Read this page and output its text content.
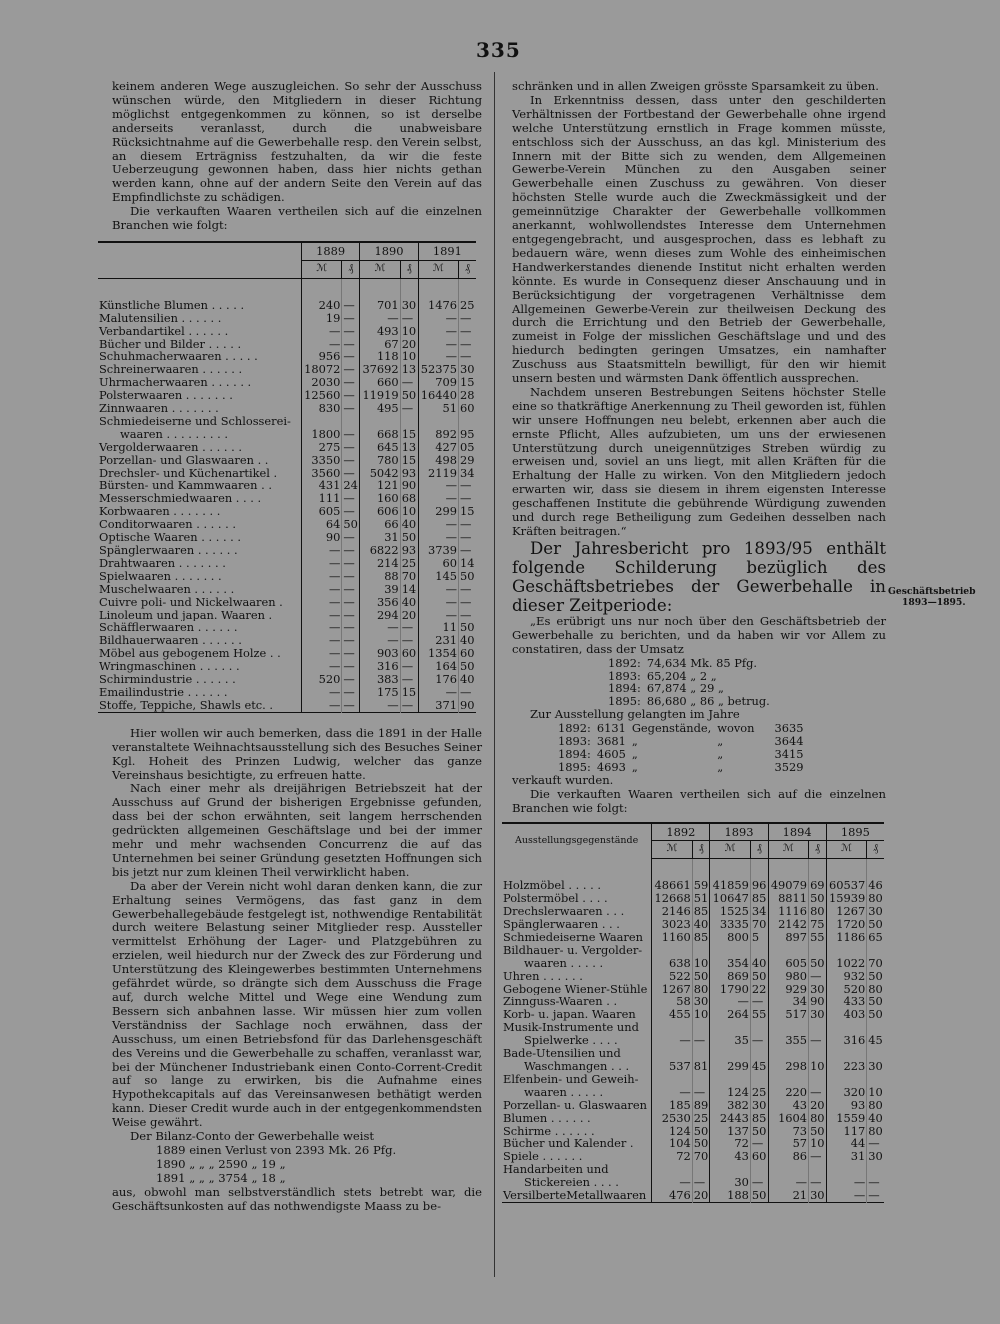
335
Geschäftsbetrieb
1893—1895.

keinem anderen Wege auszugleichen. So sehr der Ausschuss wünschen würde, den Mitgliedern in dieser Richtung möglichst entgegenkommen zu können, so ist derselbe anderseits veranlasst, durch die unabweisbare Rücksichtnahme auf die Gewerbehalle resp. den Verein selbst, an diesem Erträgniss festzuhalten, da wir die feste Ueberzeugung gewonnen haben, dass hier nichts gethan werden kann, ohne auf der andern Seite den Verein auf das Empfindlichste zu schädigen.

Die verkauften Waaren vertheilen sich auf die einzelnen Branchen wie folgt:

	1889		1890		1891	
	ℳ	₰	ℳ	₰	ℳ	₰

Künstliche Blumen . . . . .	240	—	701	30	1476	25
Malutensilien . . . . . .	19	—	—	—	—	—
Verbandartikel . . . . . .	—	—	493	10	—	—
Bücher und Bilder . . . . .	—	—	67	20	—	—
Schuhmacherwaaren . . . . .	956	—	118	10	—	—
Schreinerwaaren . . . . . .	18072	—	37692	13	52375	30
Uhrmacherwaaren . . . . . .	2030	—	660	—	709	15
Polsterwaaren . . . . . . .	12560	—	11919	50	16440	28
Zinnwaaren . . . . . . .	830	—	495	—	51	60
Schmiedeiserne und Schlosserei-						
waaren . . . . . . . . .	1800	—	668	15	892	95
Vergolderwaaren . . . . . .	275	—	645	13	427	05
Porzellan- und Glaswaaren . .	3350	—	780	15	498	29
Drechsler- und Küchenartikel .	3560	—	5042	93	2119	34
Bürsten- und Kammwaaren . .	431	24	121	90	—	—
Messerschmiedwaaren . . . .	111	—	160	68	—	—
Korbwaaren . . . . . . .	605	—	606	10	299	15
Conditorwaaren . . . . . .	64	50	66	40	—	—
Optische Waaren . . . . . .	90	—	31	50	—	—
Spänglerwaaren . . . . . .	—	—	6822	93	3739	—
Drahtwaaren . . . . . . .	—	—	214	25	60	14
Spielwaaren . . . . . . .	—	—	88	70	145	50
Muschelwaaren . . . . . .	—	—	39	14	—	—
Cuivre poli- und Nickelwaaren .	—	—	356	40	—	—
Linoleum und japan. Waaren .	—	—	294	20	—	—
Schäfflerwaaren . . . . . .	—	—	—	—	11	50
Bildhauerwaaren . . . . . .	—	—	—	—	231	40
Möbel aus gebogenem Holze . .	—	—	903	60	1354	60
Wringmaschinen . . . . . .	—	—	316	—	164	50
Schirmindustrie . . . . . .	520	—	383	—	176	40
Emailindustrie . . . . . .	—	—	175	15	—	—
Stoffe, Teppiche, Shawls etc. .	—	—	—	—	371	90

Hier wollen wir auch bemerken, dass die 1891 in der Halle veranstaltete Weihnachtsausstellung sich des Besuches Seiner Kgl. Hoheit des Prinzen Ludwig, welcher das ganze Vereinshaus besichtigte, zu erfreuen hatte.

Nach einer mehr als dreijährigen Betriebszeit hat der Ausschuss auf Grund der bisherigen Ergebnisse gefunden, dass bei der schon erwähnten, seit langem herrschenden gedrückten allgemeinen Geschäftslage und bei der immer mehr und mehr wachsenden Concurrenz die auf das Unternehmen bei seiner Gründung gesetzten Hoffnungen sich bis jetzt nur zum kleinen Theil verwirklicht haben.

Da aber der Verein nicht wohl daran denken kann, die zur Erhaltung seines Vermögens, das fast ganz in dem Gewerbehallegebäude festgelegt ist, nothwendige Rentabilität durch weitere Belastung seiner Mitglieder resp. Aussteller vermittelst Erhöhung der Lager- und Platzgebühren zu erzielen, weil hiedurch nur der Zweck des zur Förderung und Unterstützung des Kleingewerbes bestimmten Unternehmens gefährdet würde, so drängte sich dem Ausschuss die Frage auf, durch welche Mittel und Wege eine Wendung zum Bessern sich anbahnen lasse. Wir müssen hier zum vollen Verständniss der Sachlage noch erwähnen, dass der Ausschuss, um einen Betriebsfond für das Darlehensgeschäft des Vereins und die Gewerbehalle zu schaffen, veranlasst war, bei der Münchener Industriebank einen Conto-Corrent-Credit auf so lange zu erwirken, bis die Aufnahme eines Hypothekcapitals auf das Vereinsanwesen bethätigt werden kann. Dieser Credit wurde auch in der entgegenkommendsten Weise gewährt.

Der Bilanz-Conto der Gewerbehalle weist

1889 einen Verlust von 2393 Mk. 26 Pfg.
1890 „ „ „ 2590 „ 19 „
1891 „ „ „ 3754 „ 18 „

aus, obwohl man selbstverständlich stets betrebt war, die Geschäftsunkosten auf das nothwendigste Maass zu be-

schränken und in allen Zweigen grösste Sparsamkeit zu üben.

In Erkenntniss dessen, dass unter den geschilderten Verhältnissen der Fortbestand der Gewerbehalle ohne irgend welche Unterstützung ernstlich in Frage kommen müsste, entschloss sich der Ausschuss, an das kgl. Ministerium des Innern mit der Bitte sich zu wenden, dem Allgemeinen Gewerbe-Verein München zu den Ausgaben seiner Gewerbehalle einen Zuschuss zu gewähren. Von dieser höchsten Stelle wurde auch die Zweckmässigkeit und der gemeinnützige Charakter der Gewerbehalle vollkommen anerkannt, wohlwollendstes Interesse dem Unternehmen entgegengebracht, und ausgesprochen, dass es lebhaft zu bedauern wäre, wenn dieses zum Wohle des einheimischen Handwerkerstandes dienende Institut nicht erhalten werden könnte. Es wurde in Consequenz dieser Anschauung und in Berücksichtigung der vorgetragenen Verhältnisse dem Allgemeinen Gewerbe-Verein zur theilweisen Deckung des durch die Errichtung und den Betrieb der Gewerbehalle, zumeist in Folge der misslichen Geschäftslage und und des hiedurch bedingten geringen Umsatzes, ein namhafter Zuschuss aus Staatsmitteln bewilligt, für den wir hiemit unsern besten und wärmsten Dank öffentlich aussprechen.

Nachdem unseren Bestrebungen Seitens höchster Stelle eine so thatkräftige Anerkennung zu Theil geworden ist, fühlen wir unsere Hoffnungen neu belebt, erkennen aber auch die ernste Pflicht, Alles aufzubieten, um uns der erwiesenen Unterstützung durch uneigennütziges Streben würdig zu erweisen und, soviel an uns liegt, mit allen Kräften für die Erhaltung der Halle zu wirken. Von den Mitgliedern jedoch erwarten wir, dass sie diesem in ihrem eigensten Interesse geschaffenen Institute die gebührende Würdigung zuwenden und durch rege Betheiligung zum Gedeihen desselben nach Kräften beitragen.“

Der Jahresbericht pro 1893/95 enthält folgende Schilderung bezüglich des Geschäftsbetriebes der Gewerbehalle in dieser Zeitperiode:

„Es erübrigt uns nur noch über den Geschäftsbetrieb der Gewerbehalle zu berichten, und da haben wir vor Allem zu constatiren, dass der Umsatz

1892:	74,634 Mk. 85 Pfg.
1893:	65,204 „ 2 „
1894:	67,874 „ 29 „
1895:	86,680 „ 86 „ betrug.

Zur Ausstellung gelangten im Jahre

1892:	6131	Gegenstände,	wovon	3635
1893:	3681	„	„	3644
1894:	4605	„	„	3415
1895:	4693	„	„	3529

verkauft wurden.

Die verkauften Waaren vertheilen sich auf die einzelnen Branchen wie folgt:

Ausstellungsgegenstände	1892		1893		1894		1895	
	ℳ	₰	ℳ	₰	ℳ	₰	ℳ	₰

Holzmöbel . . . . .	48661	59	41859	96	49079	69	60537	46
Polstermöbel . . . .	12668	51	10647	85	8811	50	15939	80
Drechslerwaaren . . .	2146	85	1525	34	1116	80	1267	30
Spänglerwaaren . . .	3023	40	3335	70	2142	75	1720	50
Schmiedeiserne Waaren	1160	85	800	5	897	55	1186	65
Bildhauer- u. Vergolder-								
waaren . . . . .	638	10	354	40	605	50	1022	70
Uhren . . . . . .	522	50	869	50	980	—	932	50
Gebogene Wiener-Stühle	1267	80	1790	22	929	30	520	80
Zinnguss-Waaren . .	58	30	—	—	34	90	433	50
Korb- u. japan. Waaren	455	10	264	55	517	30	403	50
Musik-Instrumente und								
Spielwerke . . . .	—	—	35	—	355	—	316	45
Bade-Utensilien und								
Waschmangen . . .	537	81	299	45	298	10	223	30
Elfenbein- und Geweih-								
waaren . . . . .	—	—	124	25	220	—	320	10
Porzellan- u. Glaswaaren	185	89	382	30	43	20	93	80
Blumen . . . . . .	2530	25	2443	85	1604	80	1559	40
Schirme . . . . . .	124	50	137	50	73	50	117	80
Bücher und Kalender .	104	50	72	—	57	10	44	—
Spiele . . . . . .	72	70	43	60	86	—	31	30
Handarbeiten und								
Stickereien . . . .	—	—	30	—	—	—	—	—
VersilberteMetallwaaren	476	20	188	50	21	30	—	—
